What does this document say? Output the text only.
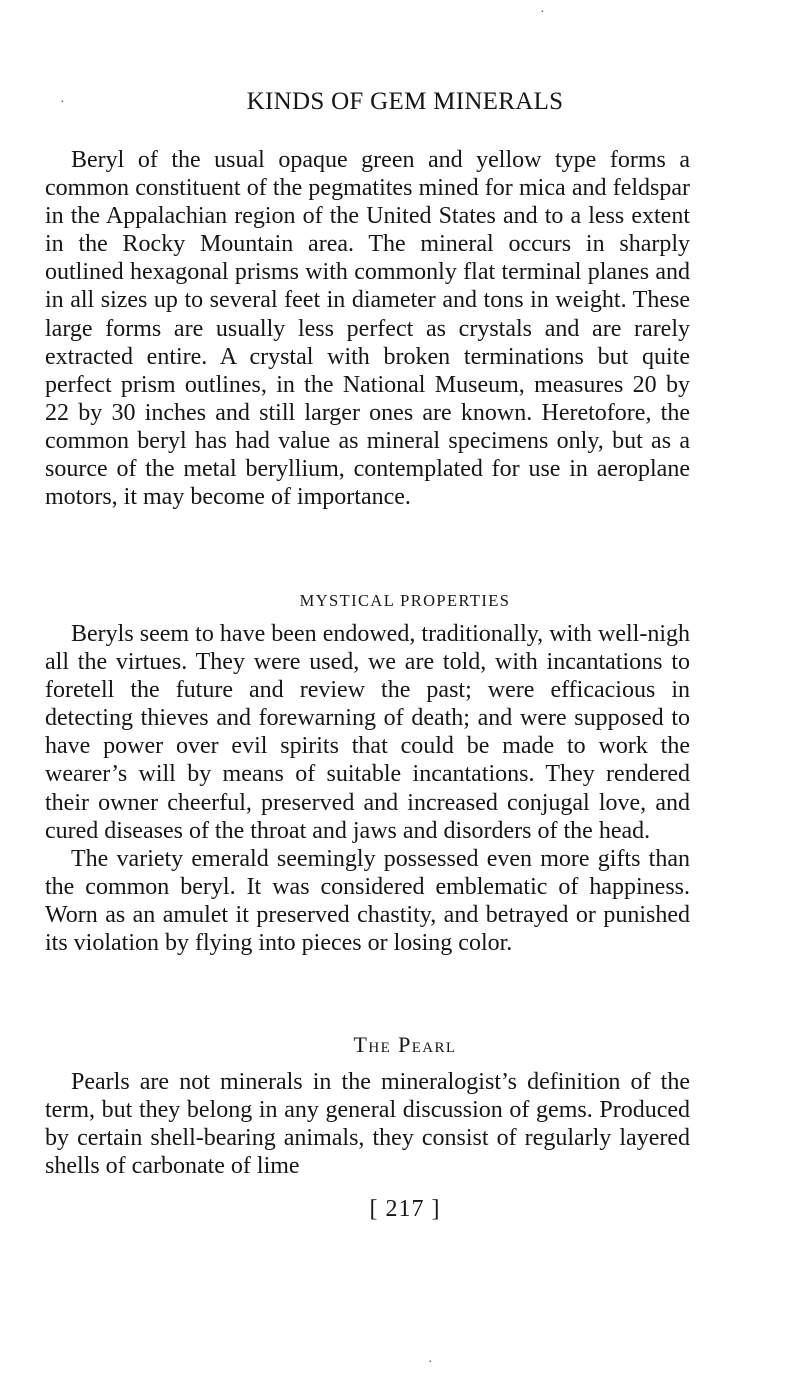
KINDS OF GEM MINERALS

Beryl of the usual opaque green and yellow type forms a common constituent of the pegmatites mined for mica and feldspar in the Appalachian region of the United States and to a less extent in the Rocky Mountain area. The mineral occurs in sharply outlined hexagonal prisms with commonly flat terminal planes and in all sizes up to several feet in diameter and tons in weight. These large forms are usually less perfect as crystals and are rarely extracted entire. A crystal with broken terminations but quite perfect prism outlines, in the National Museum, measures 20 by 22 by 30 inches and still larger ones are known. Heretofore, the common beryl has had value as mineral specimens only, but as a source of the metal beryllium, contemplated for use in aeroplane motors, it may become of importance.

MYSTICAL PROPERTIES

Beryls seem to have been endowed, traditionally, with well-nigh all the virtues. They were used, we are told, with incantations to foretell the future and review the past; were efficacious in detecting thieves and forewarning of death; and were supposed to have power over evil spirits that could be made to work the wearer’s will by means of suitable incantations. They rendered their owner cheerful, preserved and increased conjugal love, and cured diseases of the throat and jaws and disorders of the head.

The variety emerald seemingly possessed even more gifts than the common beryl. It was considered emblematic of happiness. Worn as an amulet it preserved chastity, and betrayed or punished its violation by flying into pieces or losing color.

The Pearl

Pearls are not minerals in the mineralogist’s definition of the term, but they belong in any general discussion of gems. Produced by certain shell-bearing animals, they consist of regularly layered shells of carbonate of lime

[ 217 ]
·
·
·
